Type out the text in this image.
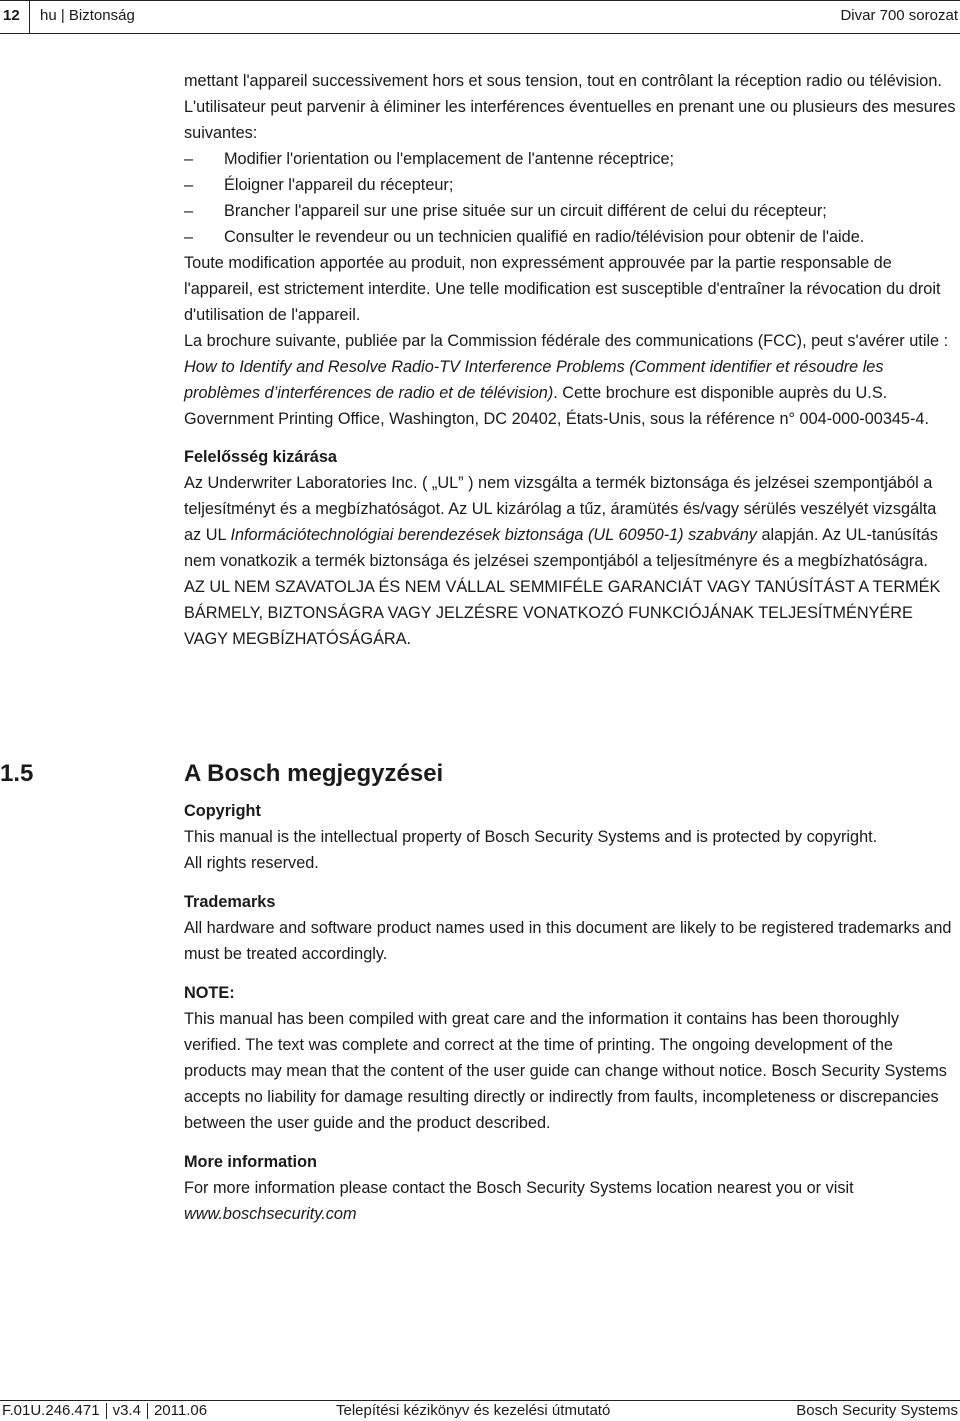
12	hu | Biztonság	Divar 700 sorozat

mettant l'appareil successivement hors et sous tension, tout en contrôlant la réception radio ou télévision. L'utilisateur peut parvenir à éliminer les interférences éventuelles en prenant une ou plusieurs des mesures suivantes:

–	Modifier l'orientation ou l'emplacement de l'antenne réceptrice;
–	Éloigner l'appareil du récepteur;
–	Brancher l'appareil sur une prise située sur un circuit différent de celui du récepteur;
–	Consulter le revendeur ou un technicien qualifié en radio/télévision pour obtenir de l'aide.

Toute modification apportée au produit, non expressément approuvée par la partie responsable de l'appareil, est strictement interdite. Une telle modification est susceptible d'entraîner la révocation du droit d'utilisation de l'appareil.

La brochure suivante, publiée par la Commission fédérale des communications (FCC), peut s'avérer utile : How to Identify and Resolve Radio-TV Interference Problems (Comment identifier et résoudre les problèmes d’interférences de radio et de télévision). Cette brochure est disponible auprès du U.S. Government Printing Office, Washington, DC 20402, États-Unis, sous la référence n° 004-000-00345-4.

Felelősség kizárása

Az Underwriter Laboratories Inc. ( „UL” ) nem vizsgálta a termék biztonsága és jelzései szempontjából a teljesítményt és a megbízhatóságot. Az UL kizárólag a tűz, áramütés és/vagy sérülés veszélyét vizsgálta az UL Információtechnológiai berendezések biztonsága (UL 60950-1) szabvány alapján. Az UL-tanúsítás nem vonatkozik a termék biztonsága és jelzései szempontjából a teljesítményre és a megbízhatóságra.

AZ UL NEM SZAVATOLJA ÉS NEM VÁLLAL SEMMIFÉLE GARANCIÁT VAGY TANÚSÍTÁST A TERMÉK BÁRMELY, BIZTONSÁGRA VAGY JELZÉSRE VONATKOZÓ FUNKCIÓJÁNAK TELJESÍTMÉNYÉRE VAGY MEGBÍZHATÓSÁGÁRA.

1.5	A Bosch megjegyzései

Copyright

This manual is the intellectual property of Bosch Security Systems and is protected by copyright.

All rights reserved.

Trademarks

All hardware and software product names used in this document are likely to be registered trademarks and must be treated accordingly.

NOTE:

This manual has been compiled with great care and the information it contains has been thoroughly verified. The text was complete and correct at the time of printing. The ongoing development of the products may mean that the content of the user guide can change without notice. Bosch Security Systems accepts no liability for damage resulting directly or indirectly from faults, incompleteness or discrepancies between the user guide and the product described.

More information

For more information please contact the Bosch Security Systems location nearest you or visit www.boschsecurity.com

F.01U.246.471 v3.4 2011.06	Telepítési kézikönyv és kezelési útmutató	Bosch Security Systems
